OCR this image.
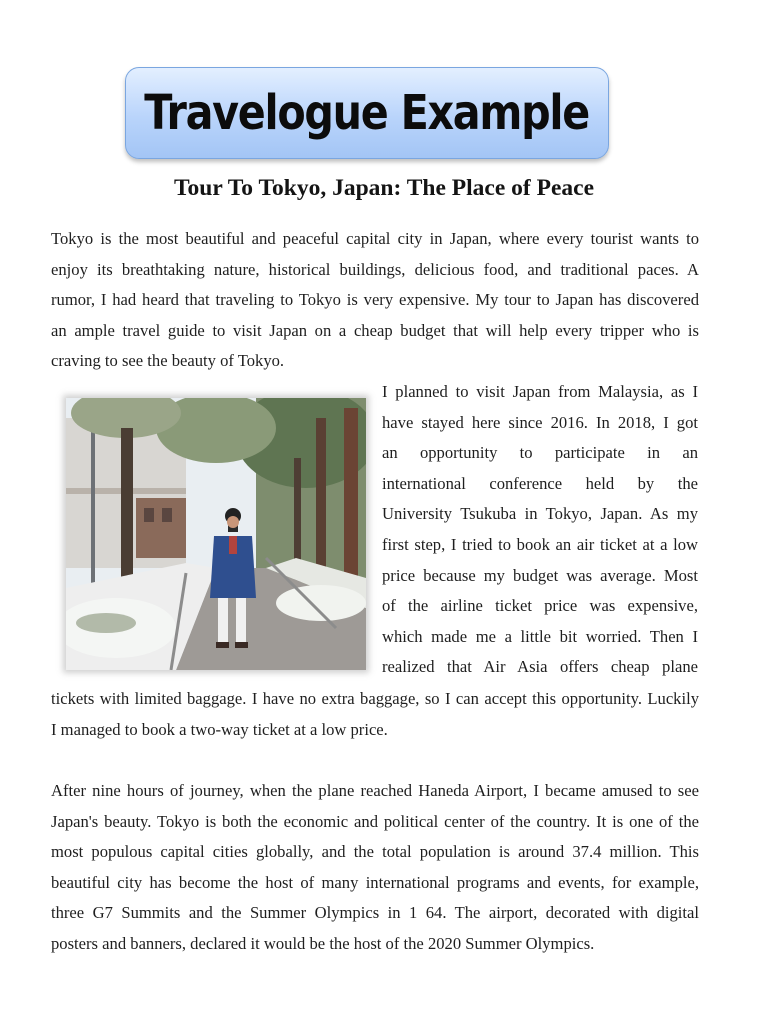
Travelogue Example
Tour To Tokyo, Japan: The Place of Peace

Tokyo is the most beautiful and peaceful capital city in Japan, where every tourist wants to
enjoy its breathtaking nature, historical buildings, delicious food, and traditional paces. A
rumor, I had heard that traveling to Tokyo is very expensive. My tour to Japan has discovered
an ample travel guide to visit Japan on a cheap budget that will help every tripper who is
craving to see the beauty of Tokyo.

I planned to visit Japan from Malaysia, as I
have stayed here since 2016. In 2018, I got
an opportunity to participate in an
international conference held by the
University Tsukuba in Tokyo, Japan. As my
first step, I tried to book an air ticket at a low
price because my budget was average. Most
of the airline ticket price was expensive,
which made me a little bit worried. Then I
realized that Air Asia offers cheap plane

tickets with limited baggage. I have no extra baggage, so I can accept this opportunity. Luckily
I managed to book a two-way ticket at a low price.

After nine hours of journey, when the plane reached Haneda Airport, I became amused to see
Japan's beauty. Tokyo is both the economic and political center of the country. It is one of the
most populous capital cities globally, and the total population is around 37.4 million. This
beautiful city has become the host of many international programs and events, for example,
three G7 Summits and the Summer Olympics in 1 64. The airport, decorated with digital
posters and banners, declared it would be the host of the 2020 Summer Olympics.
